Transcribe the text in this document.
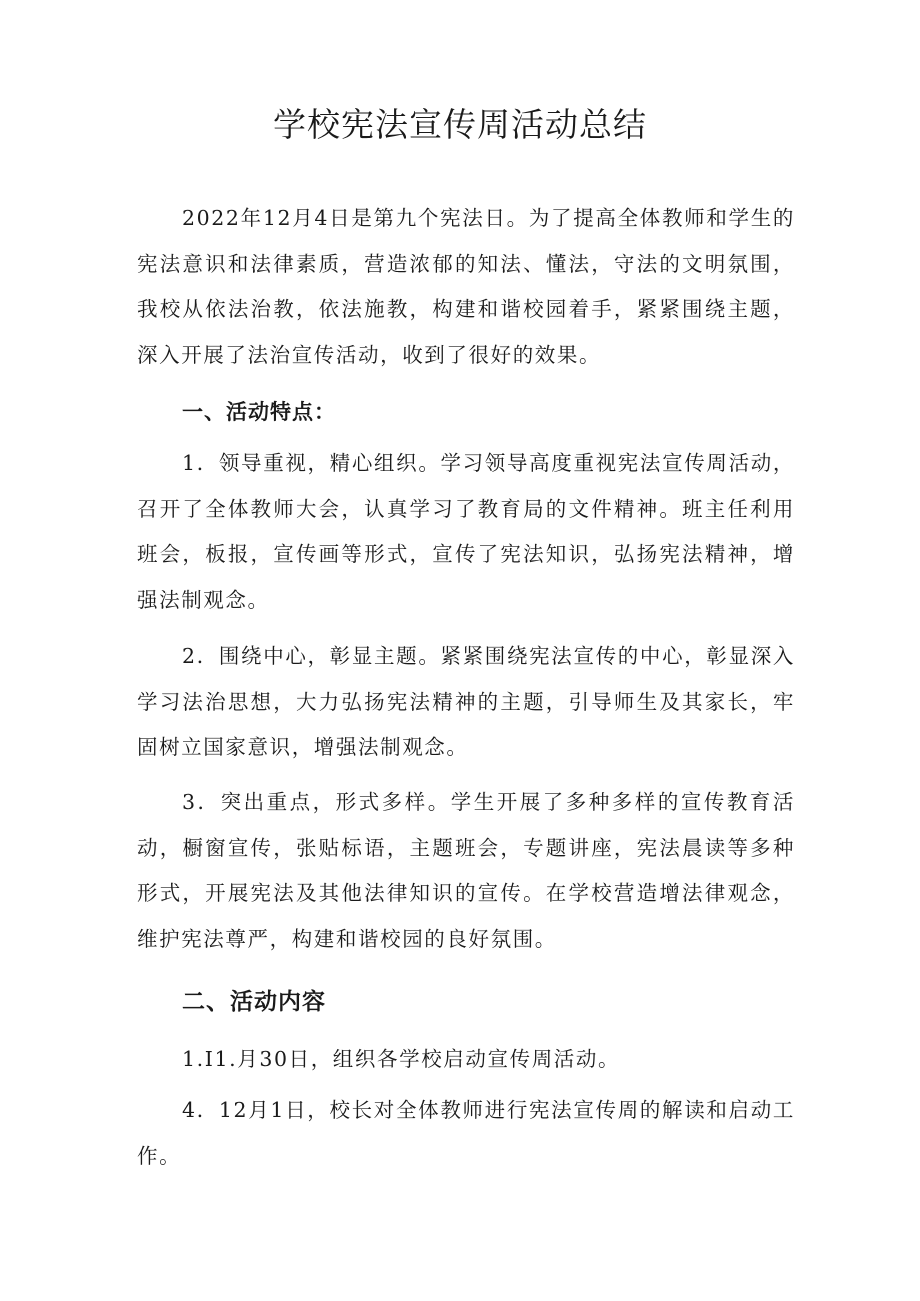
学校宪法宣传周活动总结

2022年12月4日是第九个宪法日。为了提高全体教师和学生的宪法意识和法律素质，营造浓郁的知法、懂法，守法的文明氛围，我校从依法治教，依法施教，构建和谐校园着手，紧紧围绕主题，深入开展了法治宣传活动，收到了很好的效果。

一、活动特点：

1．领导重视，精心组织。学习领导高度重视宪法宣传周活动，召开了全体教师大会，认真学习了教育局的文件精神。班主任利用班会，板报，宣传画等形式，宣传了宪法知识，弘扬宪法精神，增强法制观念。

2．围绕中心，彰显主题。紧紧围绕宪法宣传的中心，彰显深入学习法治思想，大力弘扬宪法精神的主题，引导师生及其家长，牢固树立国家意识，增强法制观念。

3．突出重点，形式多样。学生开展了多种多样的宣传教育活动，橱窗宣传，张贴标语，主题班会，专题讲座，宪法晨读等多种形式，开展宪法及其他法律知识的宣传。在学校营造增法律观念，维护宪法尊严，构建和谐校园的良好氛围。

二、活动内容

1.I1.月30日，组织各学校启动宣传周活动。

4．12月1日，校长对全体教师进行宪法宣传周的解读和启动工作。
